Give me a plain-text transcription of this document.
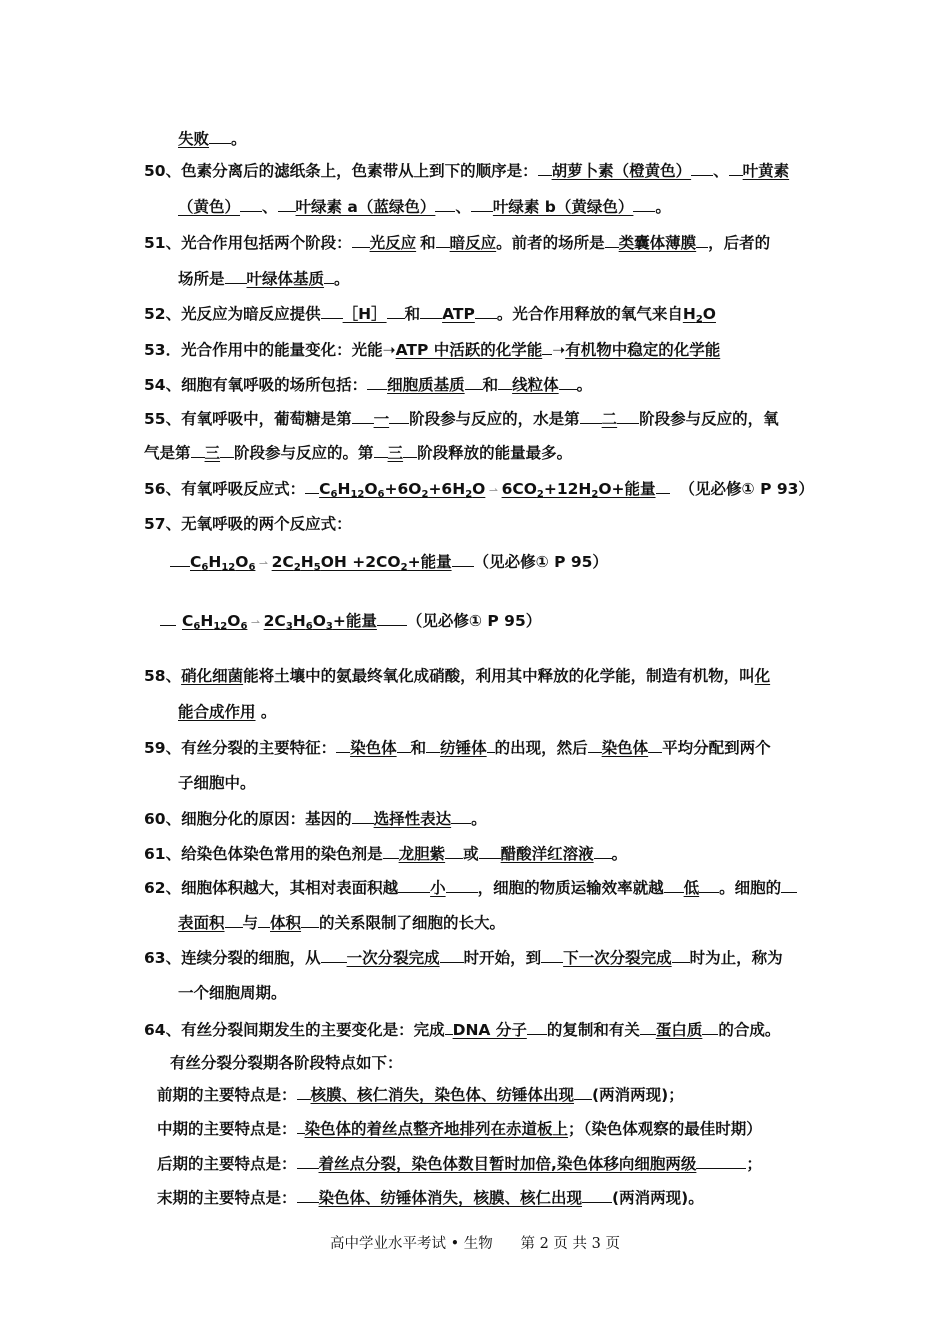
失败 。
50、色素分离后的滤纸条上，色素带从上到下的顺序是： 胡萝卜素（橙黄色） 、 叶黄素
（黄色） 、 叶绿素 a（蓝绿色） 、 叶绿素 b（黄绿色） 。
51、光合作用包括两个阶段： 光反应 和 暗反应。前者的场所是 类囊体薄膜 ，后者的
场所是 叶绿体基质 。
52、光反应为暗反应提供 ［H］ 和 ATP 。光合作用释放的氧气来自$H_2O$
53．光合作用中的能量变化：光能➝ATP 中活跃的化学能 ➝有机物中稳定的化学能
54、细胞有氧呼吸的场所包括： 细胞质基质 和 线粒体 。
55、有氧呼吸中，葡萄糖是第 一 阶段参与反应的，水是第 二 阶段参与反应的，氧
气是第 三 阶段参与反应的。第 三 阶段释放的能量最多。
56、有氧呼吸反应式： $C_6H_{12}O_6+6O_2+6H_2O$ ⇀ $6CO_2+12H_2O+$能量 （见必修① P 93）
57、无氧呼吸的两个反应式：
$C_6H_{12}O_6$ ⇀ $2C_2H_5OH +2CO_2+$能量 （见必修① P 95）
$C_6H_{12}O_6$ ⇀ $2C_3H_6O_3+$能量 （见必修① P 95）
58、硝化细菌能将土壤中的氨最终氧化成硝酸，利用其中释放的化学能，制造有机物，叫化
能合成作用 。
59、有丝分裂的主要特征： 染色体 和 纺锤体 的出现，然后 染色体 平均分配到两个
子细胞中。
60、细胞分化的原因：基因的 选择性表达 。
61、给染色体染色常用的染色剂是 龙胆紫 或 醋酸洋红溶液 。
62、细胞体积越大，其相对表面积越 小 ，细胞的物质运输效率就越 低 。细胞的
表面积 与 体积 的关系限制了细胞的长大。
63、连续分裂的细胞，从 一次分裂完成 时开始，到 下一次分裂完成 时为止，称为
一个细胞周期。
64、有丝分裂间期发生的主要变化是：完成 DNA 分子 的复制和有关 蛋白质 的合成。
有丝分裂分裂期各阶段特点如下：
前期的主要特点是： 核膜、核仁消失，染色体、纺锤体出现 (两消两现)；
中期的主要特点是： 染色体的着丝点整齐地排列在赤道板上；（染色体观察的最佳时期）
后期的主要特点是： 着丝点分裂，染色体数目暂时加倍,染色体移向细胞两级	；
末期的主要特点是： 染色体、纺锤体消失，核膜、核仁出现 (两消两现)。
高中学业水平考试 • 生物      第 2 页 共 3 页
